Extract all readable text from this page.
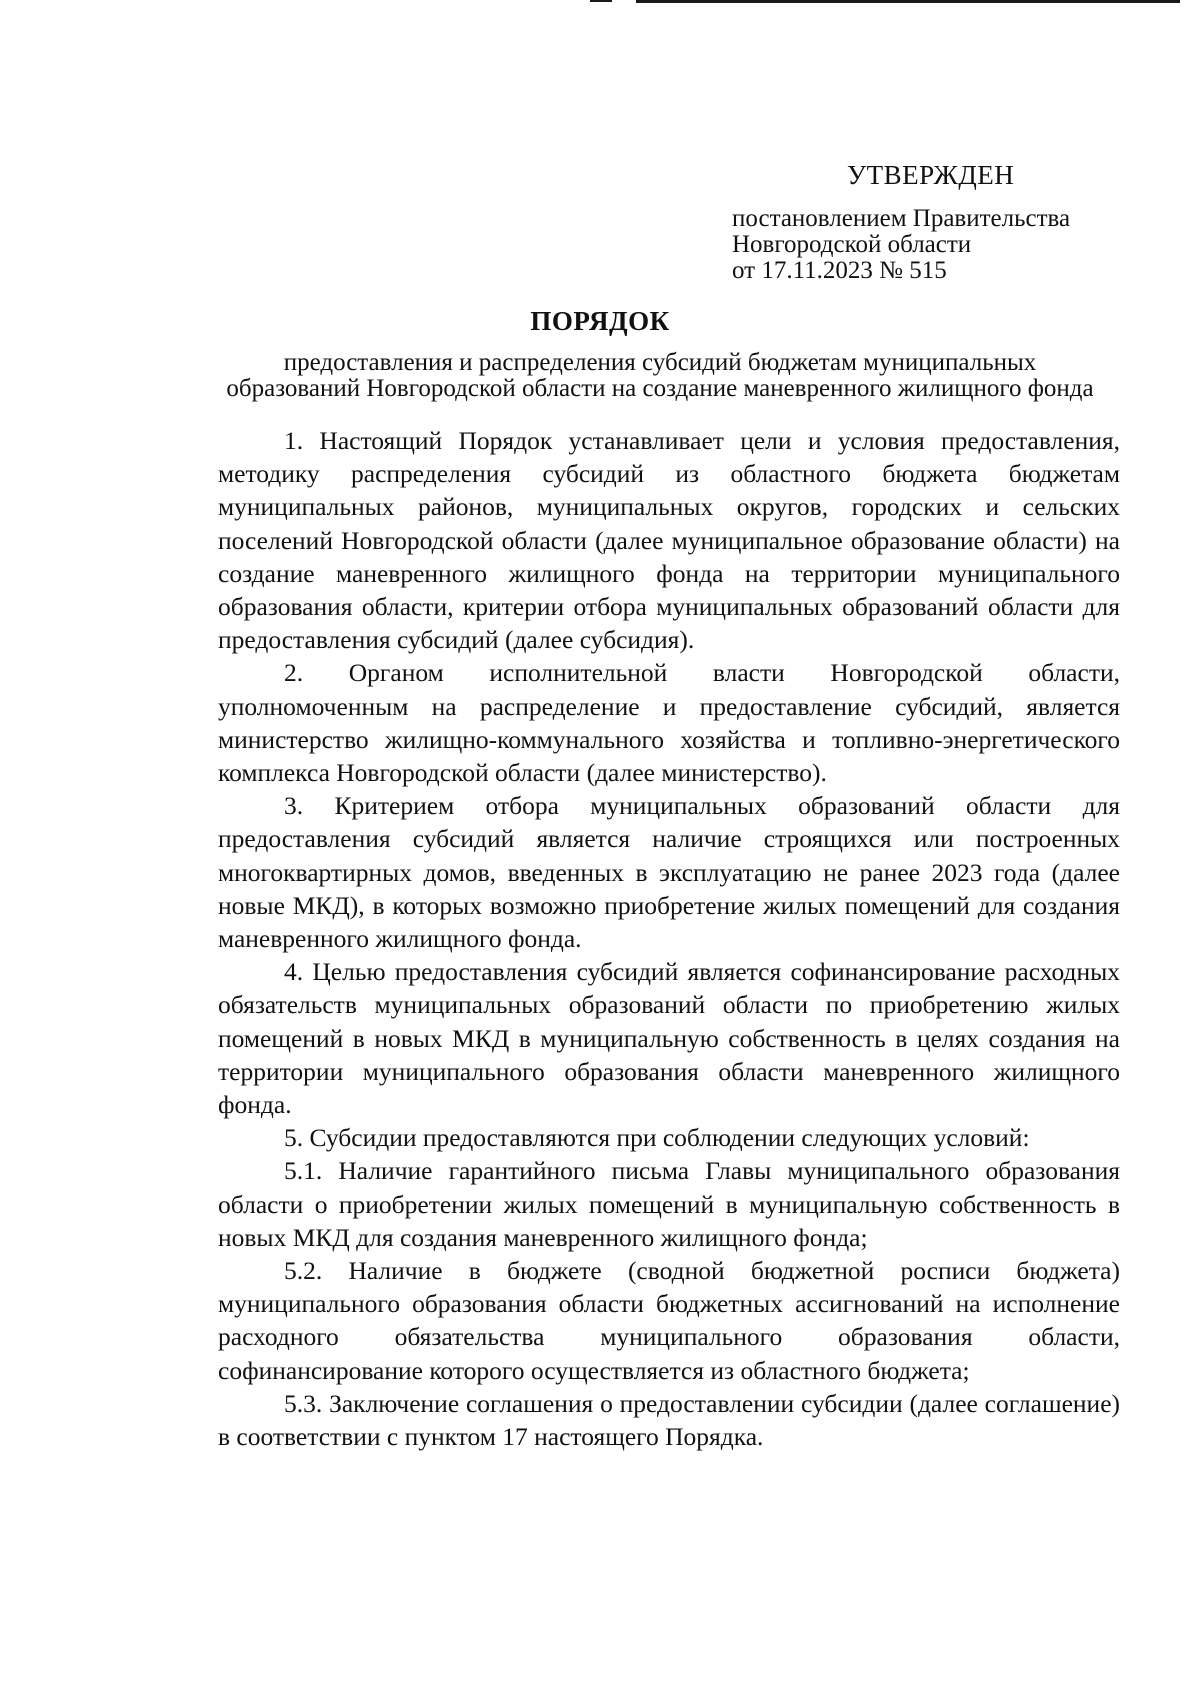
УТВЕРЖДЕН
постановлением Правительства
Новгородской области
от 17.11.2023 № 515
ПОРЯДОК
предоставления и распределения субсидий бюджетам муниципальных
образований Новгородской области на создание маневренного жилищного фонда

1. Настоящий Порядок устанавливает цели и условия предоставления, методику распределения субсидий из областного бюджета бюджетам муниципальных районов, муниципальных округов, городских и сельских поселений Новгородской области (далее муниципальное образование области) на создание маневренного жилищного фонда на территории муниципального образования области, критерии отбора муниципальных образований области для предоставления субсидий (далее субсидия).

2. Органом исполнительной власти Новгородской области, уполномоченным на распределение и предоставление субсидий, является министерство жилищно-коммунального хозяйства и топливно-энергетического комплекса Новгородской области (далее министерство).

3. Критерием отбора муниципальных образований области для предоставления субсидий является наличие строящихся или построенных многоквартирных домов, введенных в эксплуатацию не ранее 2023 года (далее новые МКД), в которых возможно приобретение жилых помещений для создания маневренного жилищного фонда.

4. Целью предоставления субсидий является софинансирование расходных обязательств муниципальных образований области по приобретению жилых помещений в новых МКД в муниципальную собственность в целях создания на территории муниципального образования области маневренного жилищного фонда.

5. Субсидии предоставляются при соблюдении следующих условий:

5.1. Наличие гарантийного письма Главы муниципального образования области о приобретении жилых помещений в муниципальную собственность в новых МКД для создания маневренного жилищного фонда;

5.2. Наличие в бюджете (сводной бюджетной росписи бюджета) муниципального образования области бюджетных ассигнований на исполнение расходного обязательства муниципального образования области, софинансирование которого осуществляется из областного бюджета;

5.3. Заключение соглашения о предоставлении субсидии (далее соглашение) в соответствии с пунктом 17 настоящего Порядка.
